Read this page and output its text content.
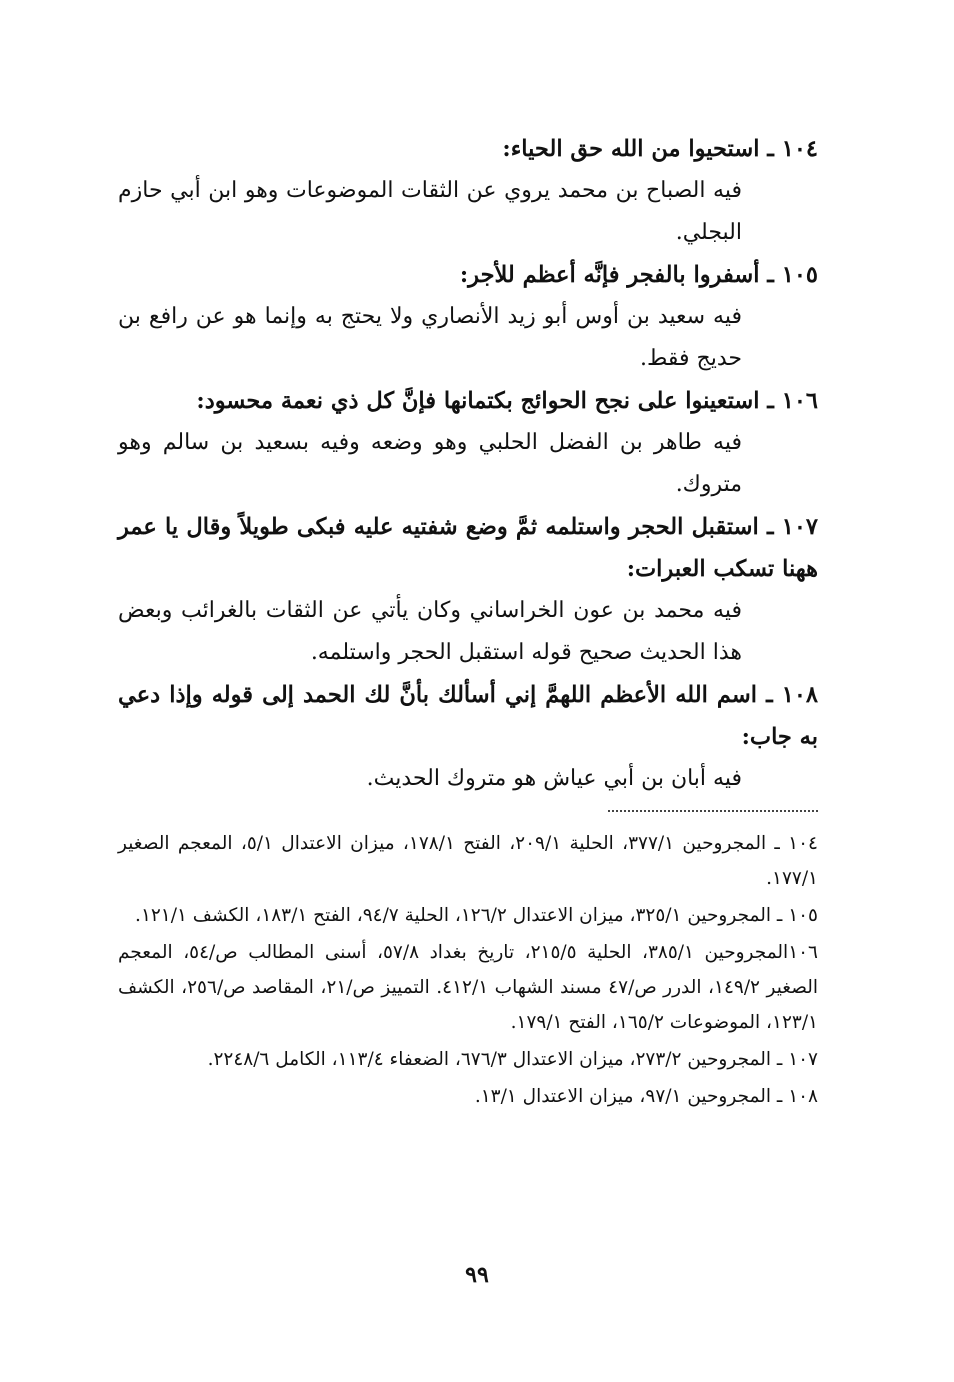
١٠٤ ـ استحيوا من الله حق الحياء:

فيه الصباح بن محمد يروي عن الثقات الموضوعات وهو ابن أبي حازم البجلي.

١٠٥ ـ أسفروا بالفجر فإنَّه أعظم للأجر:

فيه سعيد بن أوس أبو زيد الأنصاري ولا يحتج به وإنما هو عن رافع بن حديج فقط.

١٠٦ ـ استعينوا على نجح الحوائج بكتمانها فإنَّ كل ذي نعمة محسود:

فيه طاهر بن الفضل الحلبي وهو وضعه وفيه بسعيد بن سالم وهو متروك.

١٠٧ ـ استقبل الحجر واستلمه ثمَّ وضع شفتيه عليه فبكى طويلاً وقال يا عمر ههنا تسكب العبرات:

فيه محمد بن عون الخراساني وكان يأتي عن الثقات بالغرائب وبعض هذا الحديث صحيح قوله استقبل الحجر واستلمه.

١٠٨ ـ اسم الله الأعظم اللهمَّ إني أسألك بأنَّ لك الحمد إلى قوله وإذا دعي به جاب:

فيه أبان بن أبي عياش هو متروك الحديث.

١٠٤ ـ المجروحين ٣٧٧/١، الحلية ٢٠٩/١، الفتح ١٧٨/١، ميزان الاعتدال ٥/١، المعجم الصغير ١٧٧/١.

١٠٥ ـ المجروحين ٣٢٥/١، ميزان الاعتدال ١٢٦/٢، الحلية ٩٤/٧، الفتح ١٨٣/١، الكشف ١٢١/١.

١٠٦المجروحين ٣٨٥/١، الحلية ٢١٥/٥، تاريخ بغداد ٥٧/٨، أسنى المطالب ص/٥٤، المعجم الصغير ١٤٩/٢، الدرر ص/٤٧ مسند الشهاب ٤١٢/١. التمييز ص/٢١، المقاصد ص/٢٥٦، الكشف ١٢٣/١، الموضوعات ١٦٥/٢، الفتح ١٧٩/١.

١٠٧ ـ المجروحين ٢٧٣/٢، ميزان الاعتدال ٦٧٦/٣، الضعفاء ١١٣/٤، الكامل ٢٢٤٨/٦.

١٠٨ ـ المجروحين ٩٧/١، ميزان الاعتدال ١٣/١.

٩٩
